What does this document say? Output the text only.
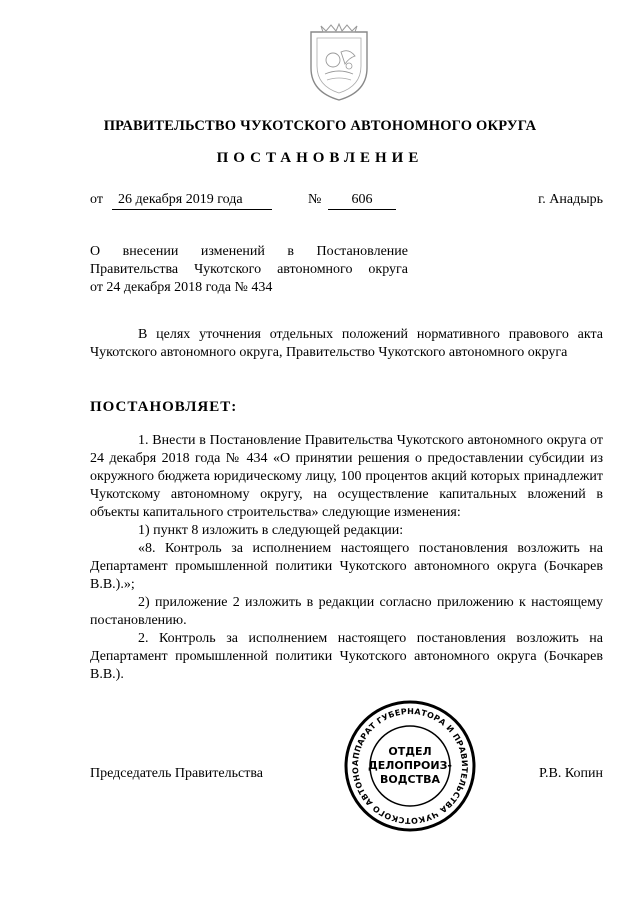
ПРАВИТЕЛЬСТВО ЧУКОТСКОГО АВТОНОМНОГО ОКРУГА
ПОСТАНОВЛЕНИЕ
от	26 декабря 2019 года	№	606	г. Анадырь
О внесении изменений в Постановление
Правительства Чукотского автономного округа
от 24 декабря 2018 года № 434

В целях уточнения отдельных положений нормативного правового акта Чукотского автономного округа, Правительство Чукотского автономного округа

ПОСТАНОВЛЯЕТ:

1. Внести в Постановление Правительства Чукотского автономного округа от 24 декабря 2018 года № 434 «О принятии решения о предоставлении субсидии из окружного бюджета юридическому лицу, 100 процентов акций которых принадлежит Чукотскому автономному округу, на осуществление капитальных вложений в объекты капитального строительства» следующие изменения:

1) пункт 8 изложить в следующей редакции:

«8. Контроль за исполнением настоящего постановления возложить на Департамент промышленной политики Чукотского автономного округа (Бочкарев В.В.).»;

2) приложение 2 изложить в редакции согласно приложению к настоящему постановлению.

2. Контроль за исполнением настоящего постановления возложить на Департамент промышленной политики Чукотского автономного округа (Бочкарев В.В.).

Председатель Правительства	Р.В. Копин
АППАРАТ ГУБЕРНАТОРА И ПРАВИТЕЛЬСТВА ЧУКОТСКОГО АВТОНО
ОТДЕЛ
ДЕЛОПРОИЗ-
ВОДСТВА
